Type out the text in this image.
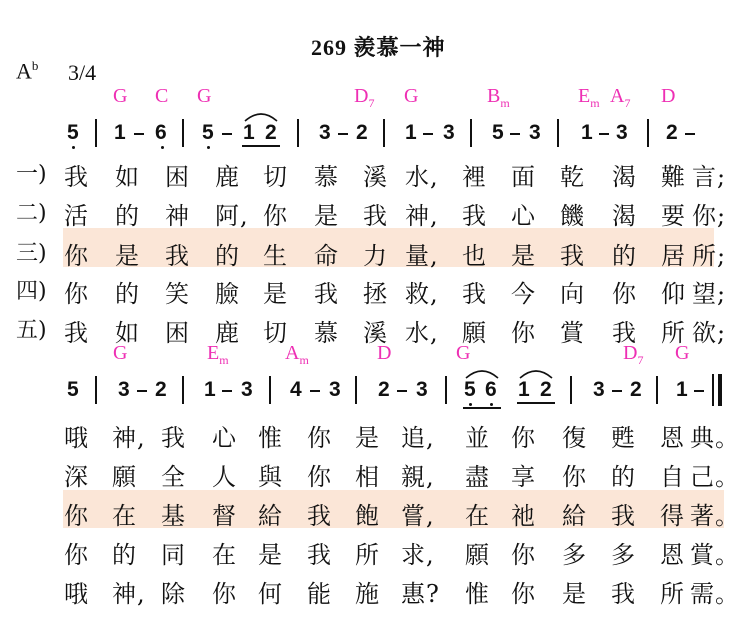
269 羨慕一神
$A^b$ 3/4
G C G	$D_7$ G	$B_m$	$E_m$ $A_7$ D
5 1 6 5 1 2 3 2 1 3 5 3 1 3 2
一)
二)
三)
四)
五)
我 如 困 鹿 切 慕 溪 水, 裡 面 乾 渴 難 言;
活 的 神 阿, 你 是 我 神, 我 心 饑 渴 要 你;
你 是 我 的 生 命 力 量, 也 是 我 的 居 所;
你 的 笑 臉 是 我 拯 救, 我 今 向 你 仰 望;
我 如 困 鹿 切 慕 溪 水, 願 你 賞 我 所 欲;
G	$E_m$	$A_m$	D	G	$D_7$ G
5 3 2 1 3 4 3 2 3 5 6 1 2 3 2 1
哦 神, 我 心 惟 你 是 追, 並 你 復 甦 恩 典。
深 願 全 人 與 你 相 親, 盡 享 你 的 自 己。
你 在 基 督 給 我 飽 嘗, 在 祂 給 我 得 著。
你 的 同 在 是 我 所 求, 願 你 多 多 恩 賞。
哦 神, 除 你 何 能 施 惠? 惟 你 是 我 所 需。
